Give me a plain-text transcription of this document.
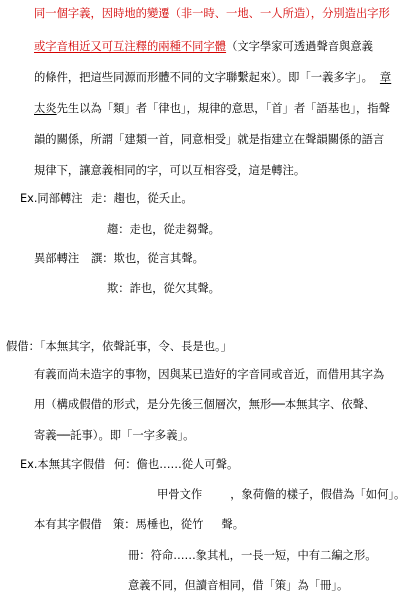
同一個字義，因時地的變遷（非一時、一地、一人所造），分別造出字形
或字音相近又可互注釋的兩種不同字體（文字學家可透過聲音與意義
的條件，把這些同源而形體不同的文字聯繫起來）。即「一義多字」。 章
太炎先生以為「類」者「律也」，規律的意思，「首」者「語基也」，指聲
韻的關係，所謂「建類一首，同意相受」就是指建立在聲韻關係的語言
規律下，讓意義相同的字，可以互相容受，這是轉注。
Ex.同部轉注 走：趨也，從夭止。
趨：走也，從走芻聲。
異部轉注 譔：欺也，從言其聲。
欺：詐也，從欠其聲。
假借：「本無其字，依聲託事，令、長是也。」
有義而尚未造字的事物，因與某已造好的字音同或音近，而借用其字為
用（構成假借的形式，是分先後三個層次，無形──本無其字、依聲、
寄義──託事）。即「一字多義」。
Ex.本無其字假借 何：儋也……從人可聲。
甲骨文作 ，象荷儋的樣子，假借為「如何」。
本有其字假借 策：馬棰也，從竹 聲。
冊：符命……象其札，一長一短，中有二編之形。
意義不同，但讀音相同，借「策」為「冊」。
